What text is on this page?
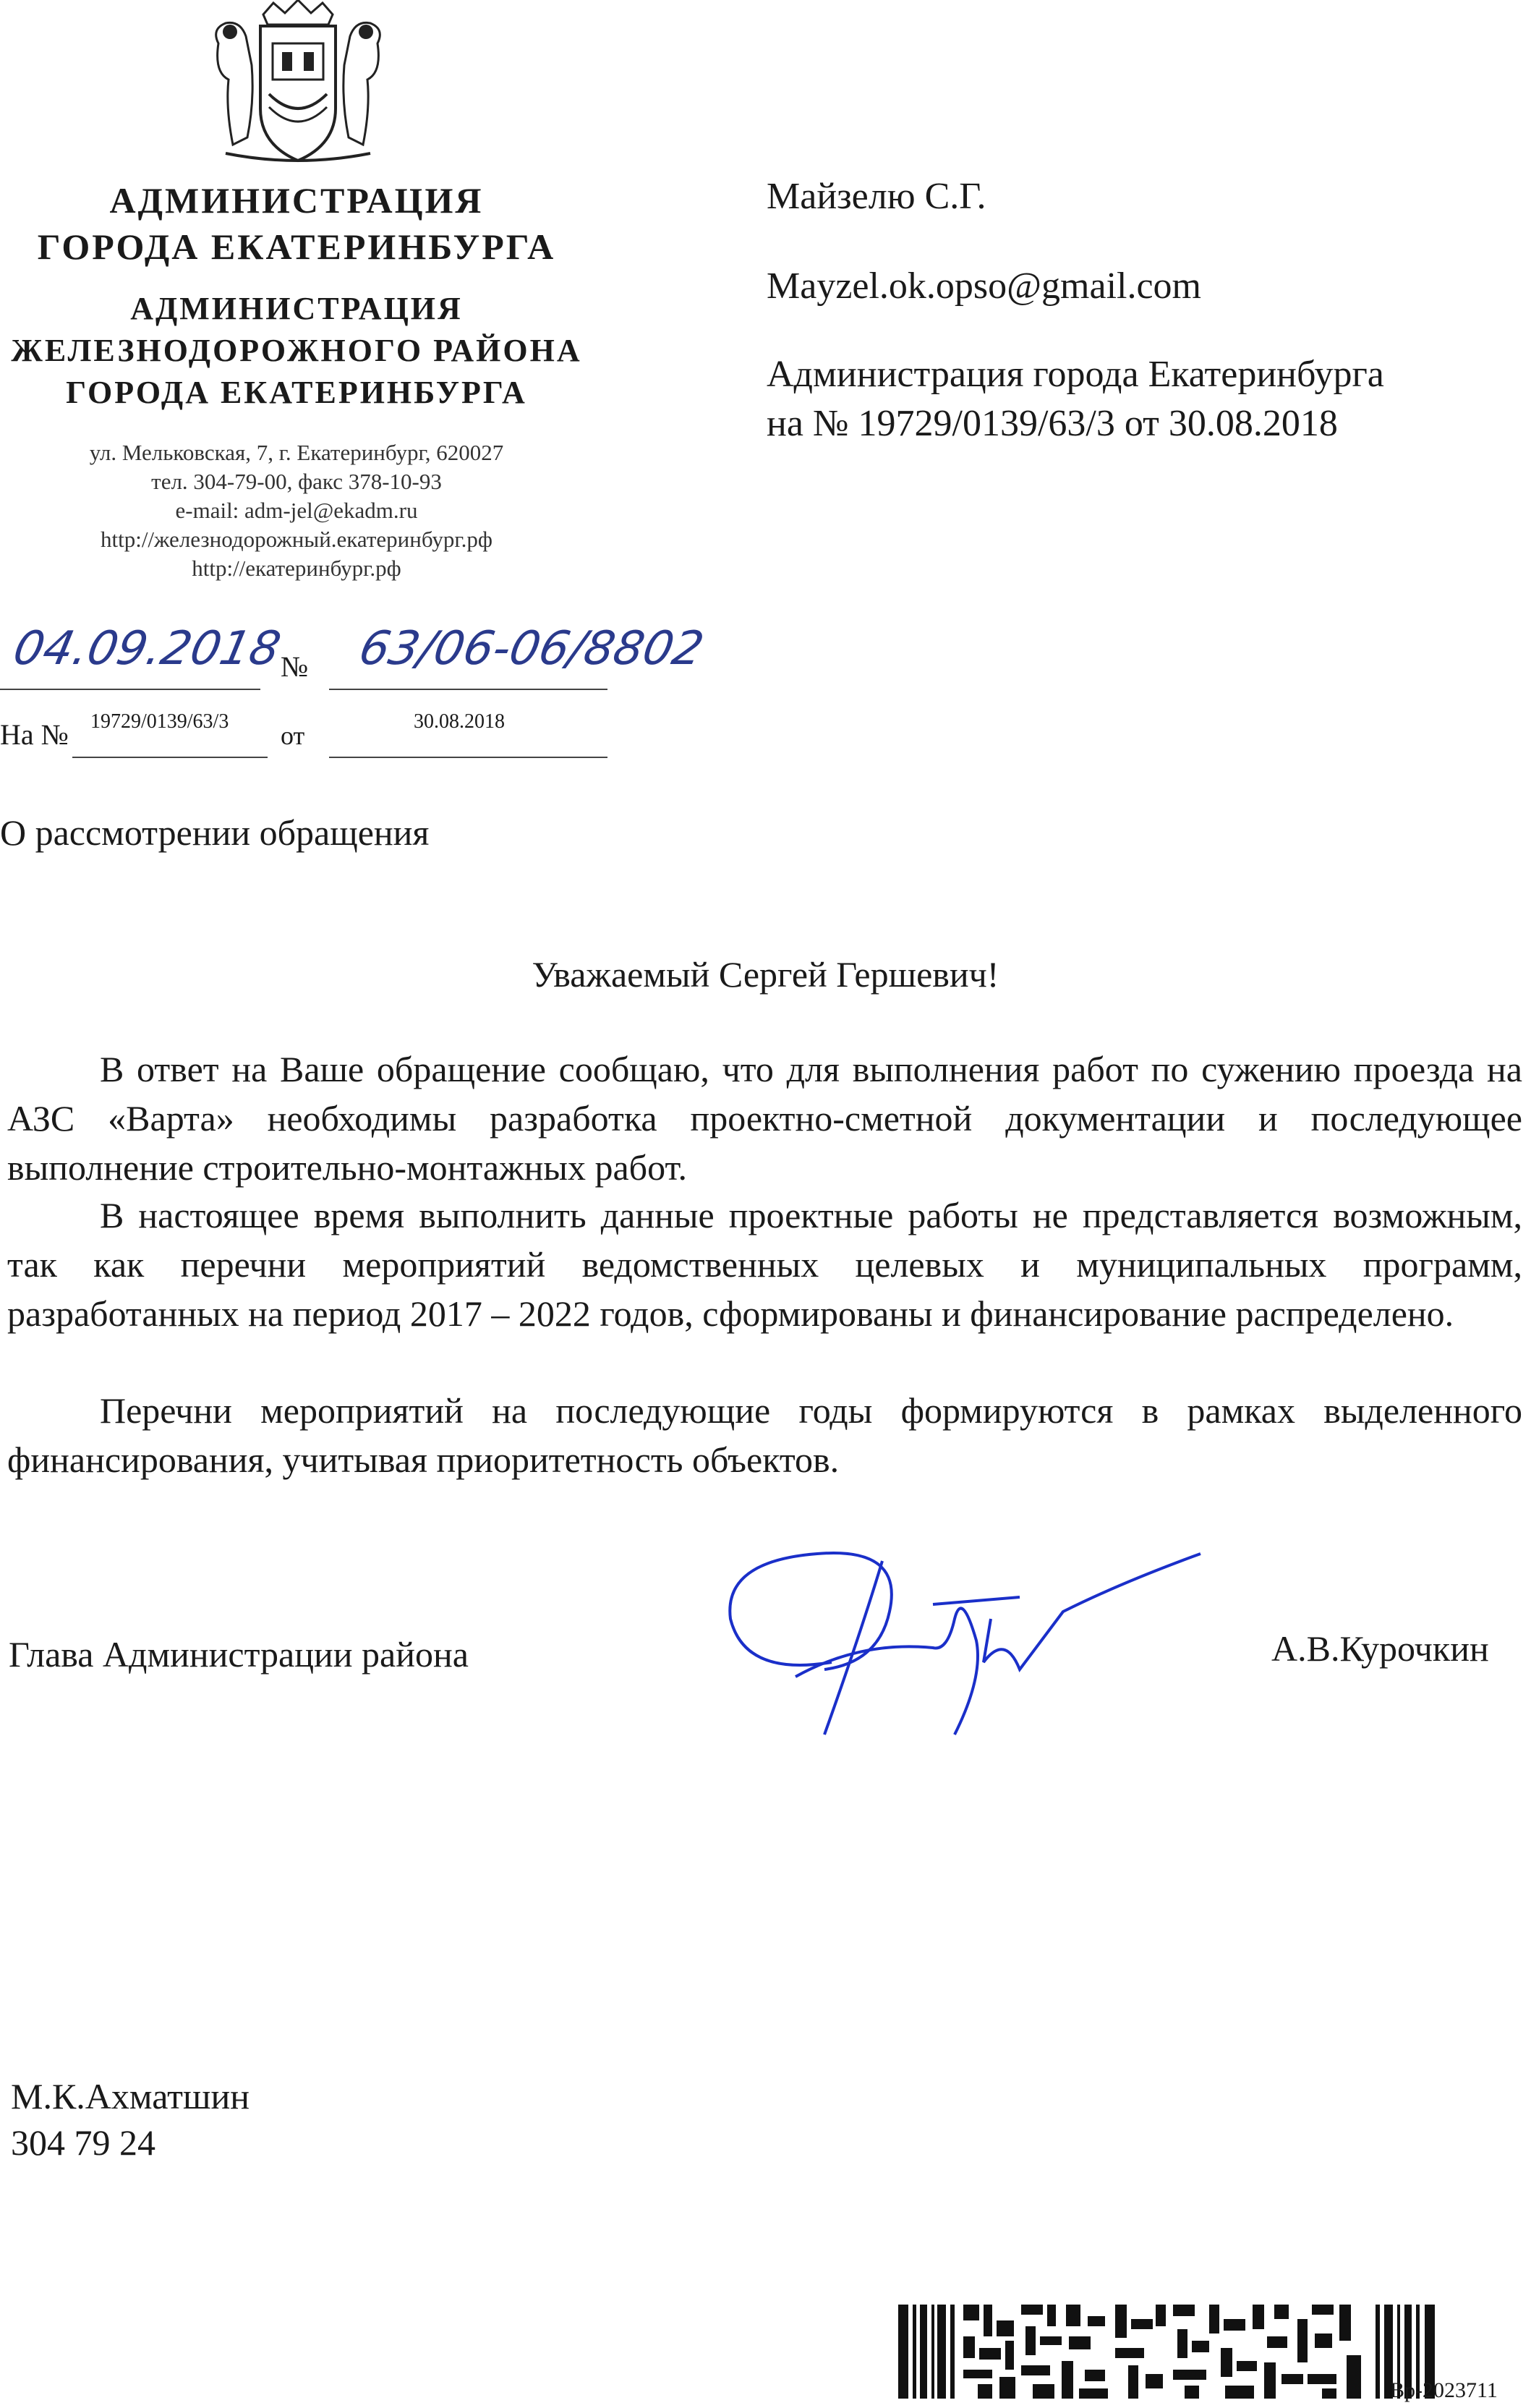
АДМИНИСТРАЦИЯ
ГОРОДА ЕКАТЕРИНБУРГА
АДМИНИСТРАЦИЯ
ЖЕЛЕЗНОДОРОЖНОГО РАЙОНА
ГОРОДА ЕКАТЕРИНБУРГА
ул. Мельковская, 7, г. Екатеринбург, 620027
тел. 304-79-00, факс 378-10-93
e-mail: adm-jel@ekadm.ru
http://железнодорожный.екатеринбург.рф
http://екатеринбург.рф
04.09.2018
№ 63/06-06/8802
На № 19729/0139/63/3 от	30.08.2018
Майзелю С.Г.
Mayzel.ok.opso@gmail.com
Администрация города Екатеринбурга
на № 19729/0139/63/3 от 30.08.2018
О рассмотрении обращения
Уважаемый Сергей Гершевич!
В ответ на Ваше обращение сообщаю, что для выполнения работ по сужению проезда на АЗС «Варта» необходимы разработка проектно-сметной документации и последующее выполнение строительно-монтажных работ.
В настоящее время выполнить данные проектные работы не представляется возможным, так как перечни мероприятий ведомственных целевых и муниципальных программ, разработанных на период 2017 – 2022 годов, сформированы и финансирование распределено.
Перечни мероприятий на последующие годы формируются в рамках выделенного финансирования, учитывая приоритетность объектов.
Глава Администрации района	А.В.Курочкин
М.К.Ахматшин
304 79 24
Вр-2023711
